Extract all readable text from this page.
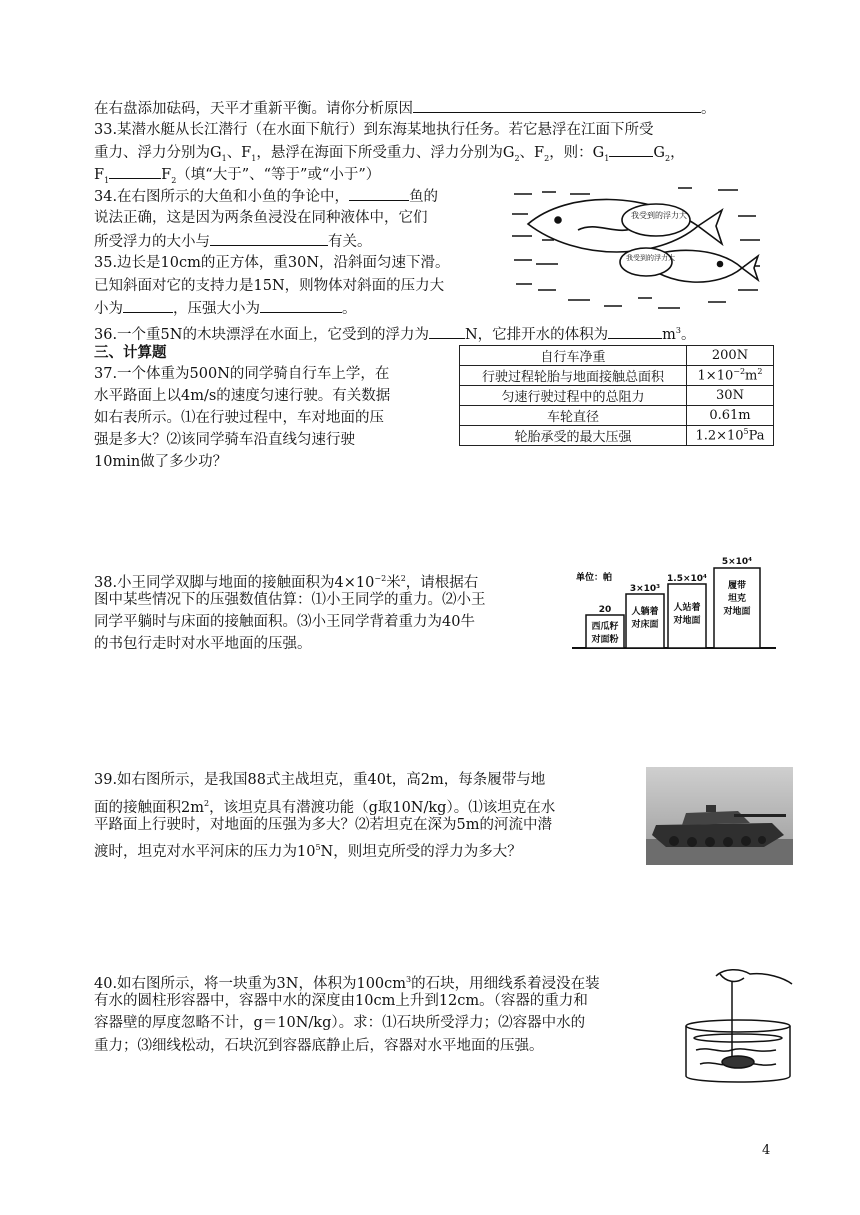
在右盘添加砝码，天平才重新平衡。请你分析原因	。
33.某潜水艇从长江潜行（在水面下航行）到东海某地执行任务。若它悬浮在江面下所受
重力、浮力分别为$G_1$、$F_1$，悬浮在海面下所受重力、浮力分别为$G_2$、$F_2$，则：$G_1$	$G_2$，
$F_1$	$F_2$（填“大于”、“等于”或“小于”）
34.在右图所示的大鱼和小鱼的争论中，	鱼的
说法正确，这是因为两条鱼浸没在同种液体中，它们
所受浮力的大小与	有关。
我受到的浮力大
我受到的浮力大
35.边长是10cm的正方体，重30N，沿斜面匀速下滑。
已知斜面对它的支持力是15N，则物体对斜面的压力大
小为	，压强大小为	。
36.一个重5N的木块漂浮在水面上，它受到的浮力为 N，它排开水的体积为	$m^3$。
三、计算题
37.一个体重为500N的同学骑自行车上学，在
水平路面上以4m/s的速度匀速行驶。有关数据
如右表所示。⑴在行驶过程中，车对地面的压
强是多大？⑵该同学骑车沿直线匀速行驶
10min做了多少功？
自行车净重	200N
行驶过程轮胎与地面接触总面积	$1\times 10^{-2}m^2$
匀速行驶过程中的总阻力	30N
车轮直径	0.61m
轮胎承受的最大压强	$1.2\times 10^5Pa$
38.小王同学双脚与地面的接触面积为$4\times 10^{-2}$米$^2$，请根据右
图中某些情况下的压强数值估算：⑴小王同学的重力。⑵小王
同学平躺时与床面的接触面积。⑶小王同学背着重力为40牛
的书包行走时对水平地面的压强。
单位：帕
20
3×10³
1.5×10⁴
5×10⁴
西瓜籽
对面粉
人躺着
对床面
人站着
对地面
履带
坦克
对地面
39.如右图所示，是我国88式主战坦克，重40t，高2m，每条履带与地
面的接触面积$2m^2$，该坦克具有潜渡功能（g取10N/kg）。⑴该坦克在水
平路面上行驶时，对地面的压强为多大？⑵若坦克在深为5m的河流中潜
渡时，坦克对水平河床的压力为$10^5N$，则坦克所受的浮力为多大？
40.如右图所示，将一块重为3N，体积为$100cm^3$的石块，用细线系着浸没在装
有水的圆柱形容器中，容器中水的深度由10cm上升到12cm。（容器的重力和
容器壁的厚度忽略不计，g＝10N/kg）。求：⑴石块所受浮力；⑵容器中水的
重力；⑶细线松动，石块沉到容器底静止后，容器对水平地面的压强。
4
